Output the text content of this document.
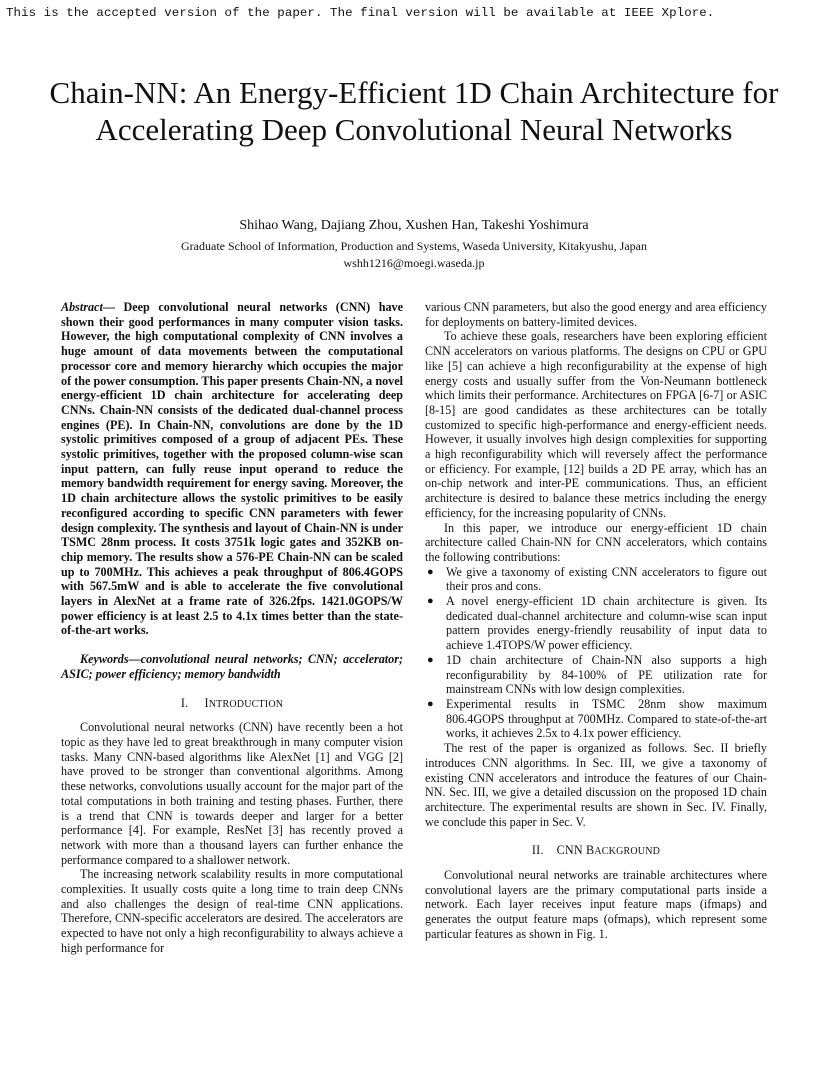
This is the accepted version of the paper. The final version will be available at IEEE Xplore.
Chain-NN: An Energy-Efficient 1D Chain Architecture for Accelerating Deep Convolutional Neural Networks
Shihao Wang, Dajiang Zhou, Xushen Han, Takeshi Yoshimura
Graduate School of Information, Production and Systems, Waseda University, Kitakyushu, Japan
wshh1216@moegi.waseda.jp

Abstract— Deep convolutional neural networks (CNN) have shown their good performances in many computer vision tasks. However, the high computational complexity of CNN involves a huge amount of data movements between the computational processor core and memory hierarchy which occupies the major of the power consumption. This paper presents Chain-NN, a novel energy-efficient 1D chain architecture for accelerating deep CNNs. Chain-NN consists of the dedicated dual-channel process engines (PE). In Chain-NN, convolutions are done by the 1D systolic primitives composed of a group of adjacent PEs. These systolic primitives, together with the proposed column-wise scan input pattern, can fully reuse input operand to reduce the memory bandwidth requirement for energy saving. Moreover, the 1D chain architecture allows the systolic primitives to be easily reconfigured according to specific CNN parameters with fewer design complexity. The synthesis and layout of Chain-NN is under TSMC 28nm process. It costs 3751k logic gates and 352KB on-chip memory. The results show a 576-PE Chain-NN can be scaled up to 700MHz. This achieves a peak throughput of 806.4GOPS with 567.5mW and is able to accelerate the five convolutional layers in AlexNet at a frame rate of 326.2fps. 1421.0GOPS/W power efficiency is at least 2.5 to 4.1x times better than the state-of-the-art works.

Keywords—convolutional neural networks; CNN; accelerator; ASIC; power efficiency; memory bandwidth

I. INTRODUCTION

Convolutional neural networks (CNN) have recently been a hot topic as they have led to great breakthrough in many computer vision tasks. Many CNN-based algorithms like AlexNet [1] and VGG [2] have proved to be stronger than conventional algorithms. Among these networks, convolutions usually account for the major part of the total computations in both training and testing phases. Further, there is a trend that CNN is towards deeper and larger for a better performance [4]. For example, ResNet [3] has recently proved a network with more than a thousand layers can further enhance the performance compared to a shallower network.

The increasing network scalability results in more computational complexities. It usually costs quite a long time to train deep CNNs and also challenges the design of real-time CNN applications. Therefore, CNN-specific accelerators are desired. The accelerators are expected to have not only a high reconfigurability to always achieve a high performance for

various CNN parameters, but also the good energy and area efficiency for deployments on battery-limited devices.

To achieve these goals, researchers have been exploring efficient CNN accelerators on various platforms. The designs on CPU or GPU like [5] can achieve a high reconfigurability at the expense of high energy costs and usually suffer from the Von-Neumann bottleneck which limits their performance. Architectures on FPGA [6-7] or ASIC [8-15] are good candidates as these architectures can be totally customized to specific high-performance and energy-efficient needs. However, it usually involves high design complexities for supporting a high reconfigurability which will reversely affect the performance or efficiency. For example, [12] builds a 2D PE array, which has an on-chip network and inter-PE communications. Thus, an efficient architecture is desired to balance these metrics including the energy efficiency, for the increasing popularity of CNNs.

In this paper, we introduce our energy-efficient 1D chain architecture called Chain-NN for CNN accelerators, which contains the following contributions:

● We give a taxonomy of existing CNN accelerators to figure out their pros and cons.
● A novel energy-efficient 1D chain architecture is given. Its dedicated dual-channel architecture and column-wise scan input pattern provides energy-friendly reusability of input data to achieve 1.4TOPS/W power efficiency.
● 1D chain architecture of Chain-NN also supports a high reconfigurability by 84-100% of PE utilization rate for mainstream CNNs with low design complexities.
● Experimental results in TSMC 28nm show maximum 806.4GOPS throughput at 700MHz. Compared to state-of-the-art works, it achieves 2.5x to 4.1x power efficiency.

The rest of the paper is organized as follows. Sec. II briefly introduces CNN algorithms. In Sec. III, we give a taxonomy of existing CNN accelerators and introduce the features of our Chain-NN. Sec. III, we give a detailed discussion on the proposed 1D chain architecture. The experimental results are shown in Sec. IV. Finally, we conclude this paper in Sec. V.

II. CNN BACKGROUND

Convolutional neural networks are trainable architectures where convolutional layers are the primary computational parts inside a network. Each layer receives input feature maps (ifmaps) and generates the output feature maps (ofmaps), which represent some particular features as shown in Fig. 1.
